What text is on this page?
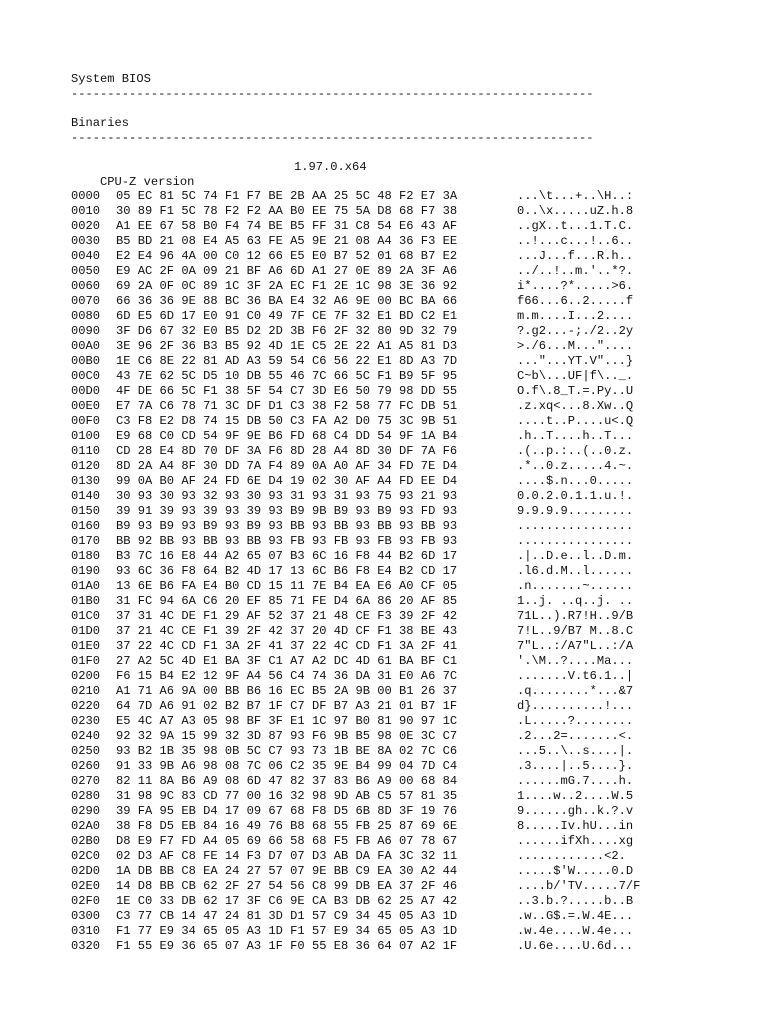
System BIOS
------------------------------------------------------------------------
Binaries
------------------------------------------------------------------------

CPU-Z version

1.97.0.x64

0000 05 EC 81 5C 74 F1 F7 BE 2B AA 25 5C 48 F2 E7 3A	...\t...+..\H..:
0010 30 89 F1 5C 78 F2 F2 AA B0 EE 75 5A D8 68 F7 38	0..\x.....uZ.h.8
0020 A1 EE 67 58 B0 F4 74 BE B5 FF 31 C8 54 E6 43 AF	..gX..t...1.T.C.
0030 B5 BD 21 08 E4 A5 63 FE A5 9E 21 08 A4 36 F3 EE	..!...c...!..6..
0040 E2 E4 96 4A 00 C0 12 66 E5 E0 B7 52 01 68 B7 E2	...J...f...R.h..
0050 E9 AC 2F 0A 09 21 BF A6 6D A1 27 0E 89 2A 3F A6	../..!..m.'..*?.
0060 69 2A 0F 0C 89 1C 3F 2A EC F1 2E 1C 98 3E 36 92	i*....?*.....>6.
0070 66 36 36 9E 88 BC 36 BA E4 32 A6 9E 00 BC BA 66	f66...6..2.....f
0080 6D E5 6D 17 E0 91 C0 49 7F CE 7F 32 E1 BD C2 E1	m.m....I...2....
0090 3F D6 67 32 E0 B5 D2 2D 3B F6 2F 32 80 9D 32 79	?.g2...-;./2..2y
00A0 3E 96 2F 36 B3 B5 92 4D 1E C5 2E 22 A1 A5 81 D3	>./6...M..."....
00B0 1E C6 8E 22 81 AD A3 59 54 C6 56 22 E1 8D A3 7D	..."...YT.V"...}
00C0 43 7E 62 5C D5 10 DB 55 46 7C 66 5C F1 B9 5F 95	C~b\...UF|f\.._.
00D0 4F DE 66 5C F1 38 5F 54 C7 3D E6 50 79 98 DD 55	O.f\.8_T.=.Py..U
00E0 E7 7A C6 78 71 3C DF D1 C3 38 F2 58 77 FC DB 51	.z.xq<...8.Xw..Q
00F0 C3 F8 E2 D8 74 15 DB 50 C3 FA A2 D0 75 3C 9B 51	....t..P....u<.Q
0100 E9 68 C0 CD 54 9F 9E B6 FD 68 C4 DD 54 9F 1A B4	.h..T....h..T...
0110 CD 28 E4 8D 70 DF 3A F6 8D 28 A4 8D 30 DF 7A F6	.(..p.:..(..0.z.
0120 8D 2A A4 8F 30 DD 7A F4 89 0A A0 AF 34 FD 7E D4	.*..0.z.....4.~.
0130 99 0A B0 AF 24 FD 6E D4 19 02 30 AF A4 FD EE D4	....$.n...0.....
0140 30 93 30 93 32 93 30 93 31 93 31 93 75 93 21 93	0.0.2.0.1.1.u.!.
0150 39 91 39 93 39 93 39 93 B9 9B B9 93 B9 93 FD 93	9.9.9.9.........
0160 B9 93 B9 93 B9 93 B9 93 BB 93 BB 93 BB 93 BB 93	................
0170 BB 92 BB 93 BB 93 BB 93 FB 93 FB 93 FB 93 FB 93	................
0180 B3 7C 16 E8 44 A2 65 07 B3 6C 16 F8 44 B2 6D 17	.|..D.e..l..D.m.
0190 93 6C 36 F8 64 B2 4D 17 13 6C B6 F8 E4 B2 CD 17	.l6.d.M..l......
01A0 13 6E B6 FA E4 B0 CD 15 11 7E B4 EA E6 A0 CF 05	.n.......~......
01B0 31 FC 94 6A C6 20 EF 85 71 FE D4 6A 86 20 AF 85	1..j. ..q..j. ..
01C0 37 31 4C DE F1 29 AF 52 37 21 48 CE F3 39 2F 42	71L..).R7!H..9/B
01D0 37 21 4C CE F1 39 2F 42 37 20 4D CF F1 38 BE 43	7!L..9/B7 M..8.C
01E0 37 22 4C CD F1 3A 2F 41 37 22 4C CD F1 3A 2F 41	7"L..:/A7"L..:/A
01F0 27 A2 5C 4D E1 BA 3F C1 A7 A2 DC 4D 61 BA BF C1	'.\M..?....Ma...
0200 F6 15 B4 E2 12 9F A4 56 C4 74 36 DA 31 E0 A6 7C	.......V.t6.1..|
0210 A1 71 A6 9A 00 BB B6 16 EC B5 2A 9B 00 B1 26 37	.q........*...&7
0220 64 7D A6 91 02 B2 B7 1F C7 DF B7 A3 21 01 B7 1F	d}..........!...
0230 E5 4C A7 A3 05 98 BF 3F E1 1C 97 B0 81 90 97 1C	.L.....?........
0240 92 32 9A 15 99 32 3D 87 93 F6 9B B5 98 0E 3C C7	.2...2=.......<.
0250 93 B2 1B 35 98 0B 5C C7 93 73 1B BE 8A 02 7C C6	...5..\..s....|.
0260 91 33 9B A6 98 08 7C 06 C2 35 9E B4 99 04 7D C4	.3....|..5....}.
0270 82 11 8A B6 A9 08 6D 47 82 37 83 B6 A9 00 68 84	......mG.7....h.
0280 31 98 9C 83 CD 77 00 16 32 98 9D AB C5 57 81 35	1....w..2....W.5
0290 39 FA 95 EB D4 17 09 67 68 F8 D5 6B 8D 3F 19 76	9......gh..k.?.v
02A0 38 F8 D5 EB 84 16 49 76 B8 68 55 FB 25 87 69 6E	8.....Iv.hU...in
02B0 D8 E9 F7 FD A4 05 69 66 58 68 F5 FB A6 07 78 67	......ifXh....xg
02C0 02 D3 AF C8 FE 14 F3 D7 07 D3 AB DA FA 3C 32 11	............<2.
02D0 1A DB BB C8 EA 24 27 57 07 9E BB C9 EA 30 A2 44	.....$'W.....0.D
02E0 14 D8 BB CB 62 2F 27 54 56 C8 99 DB EA 37 2F 46	....b/'TV.....7/F
02F0 1E C0 33 DB 62 17 3F C6 9E CA B3 DB 62 25 A7 42	..3.b.?.....b..B
0300 C3 77 CB 14 47 24 81 3D D1 57 C9 34 45 05 A3 1D	.w..G$.=.W.4E...
0310 F1 77 E9 34 65 05 A3 1D F1 57 E9 34 65 05 A3 1D	.w.4e....W.4e...
0320 F1 55 E9 36 65 07 A3 1F F0 55 E8 36 64 07 A2 1F	.U.6e....U.6d...
